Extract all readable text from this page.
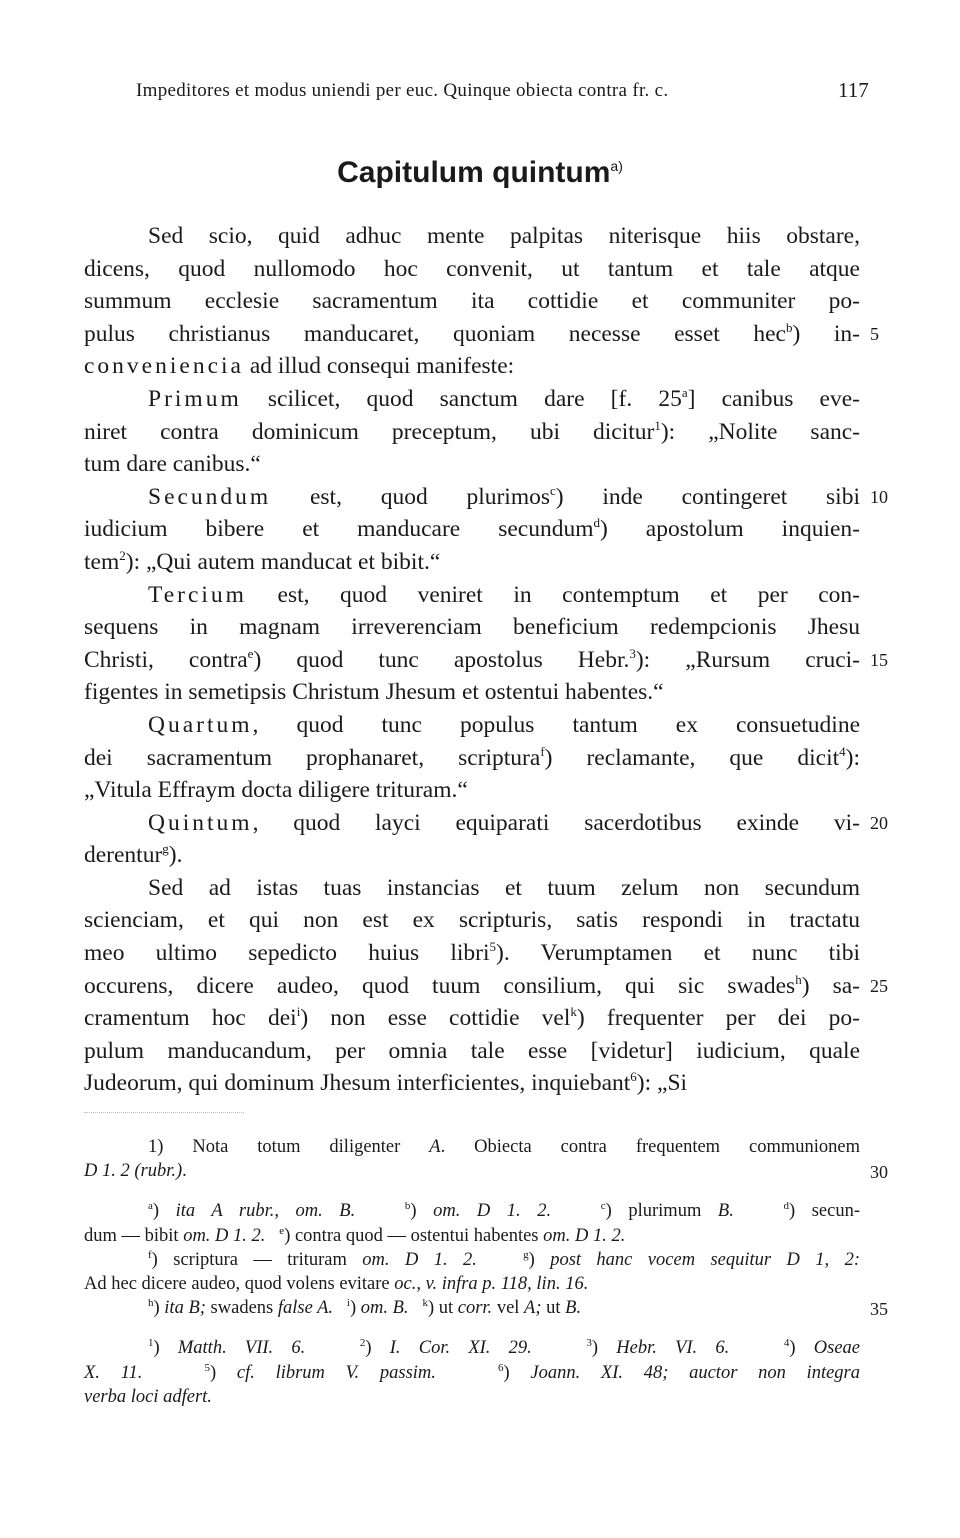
Impeditores et modus uniendi per euc. Quinque obiecta contra fr. c.	117
Capitulum quintum$^{a)}$
Sed scio, quid adhuc mente palpitas niterisque hiis obstare,
dicens, quod nullomodo hoc convenit, ut tantum et tale atque
summum ecclesie sacramentum ita cottidie et communiter po-
pulus christianus manducaret, quoniam necesse esset hec$^b$) in-
conveniencia ad illud consequi manifeste:
Primum scilicet, quod sanctum dare [f. 25$^a$] canibus eve-
niret contra dominicum preceptum, ubi dicitur$^1$): „Nolite sanc-
tum dare canibus.“
Secundum est, quod plurimos$^c$) inde contingeret sibi
iudicium bibere et manducare secundum$^d$) apostolum inquien-
tem$^2$): „Qui autem manducat et bibit.“
Tercium est, quod veniret in contemptum et per con-
sequens in magnam irreverenciam beneficium redempcionis Jhesu
Christi, contra$^e$) quod tunc apostolus Hebr.$^3$): „Rursum cruci-
figentes in semetipsis Christum Jhesum et ostentui habentes.“
Quartum, quod tunc populus tantum ex consuetudine
dei sacramentum prophanaret, scriptura$^f$) reclamante, que dicit$^4$):
„Vitula Effraym docta diligere trituram.“
Quintum, quod layci equiparati sacerdotibus exinde vi-
derentur$^g$).
Sed ad istas tuas instancias et tuum zelum non secundum
scienciam, et qui non est ex scripturis, satis respondi in tractatu
meo ultimo sepedicto huius libri$^5$). Verumptamen et nunc tibi
occurens, dicere audeo, quod tuum consilium, qui sic swades$^h$) sa-
cramentum hoc dei$^i$) non esse cottidie vel$^k$) frequenter per dei po-
pulum manducandum, per omnia tale esse [videtur] iudicium, quale
Judeorum, qui dominum Jhesum interficientes, inquiebant$^6$): „Si
5
10
15
20
25
1) Nota totum diligenter A. Obiecta contra frequentem communionem
D 1. 2 (rubr.).
$^a$) ita A rubr., om. B.	$^b$) om. D 1. 2.	$^c$) plurimum B.	$^d$) secun-
dum — bibit om. D 1. 2. $^e$) contra quod — ostentui habentes om. D 1. 2.
$^f$) scriptura — trituram om. D 1. 2.	$^g$) post hanc vocem sequitur D 1, 2:
Ad hec dicere audeo, quod volens evitare oc., v. infra p. 118, lin. 16.
$^h$) ita B; swadens false A. $^i$) om. B. $^k$) ut corr. vel A; ut B.
$^1$) Matth. VII. 6.	$^2$) I. Cor. XI. 29.	$^3$) Hebr. VI. 6.	$^4$) Oseae
X. 11.	$^5$) cf. librum V. passim.	$^6$) Joann. XI. 48; auctor non integra
verba loci adfert.
30
35
